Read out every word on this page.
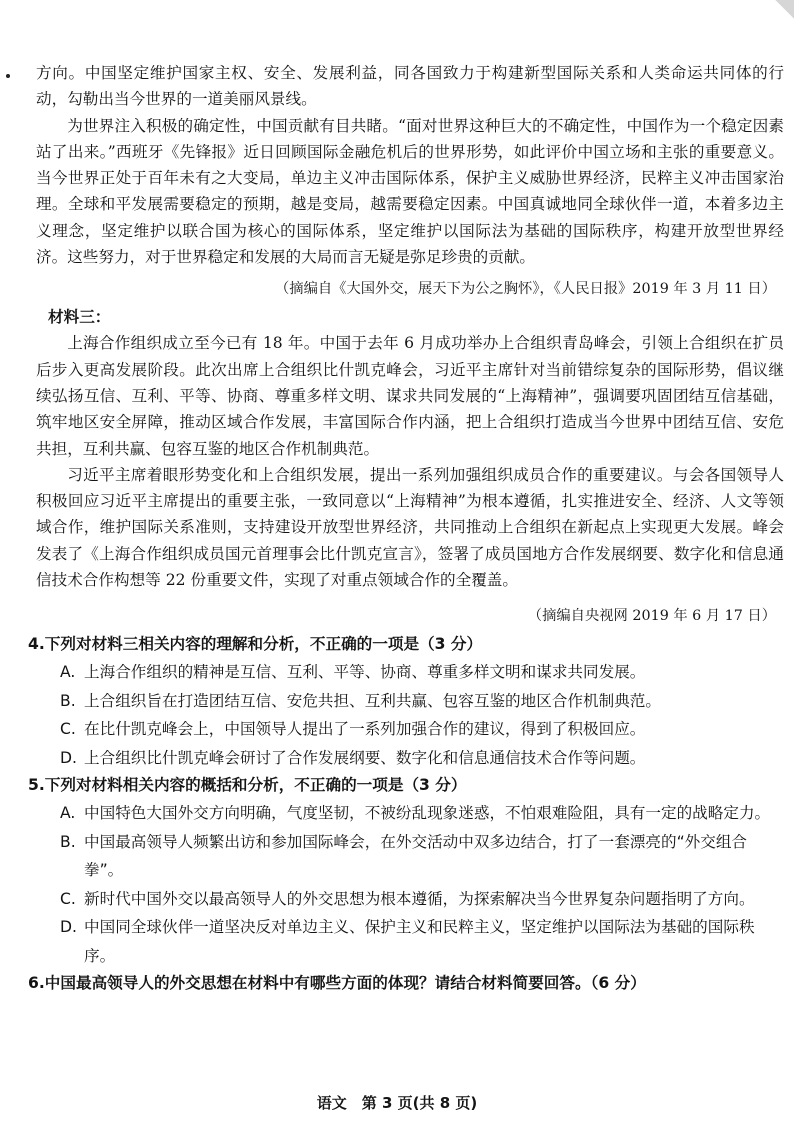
方向。中国坚定维护国家主权、安全、发展利益，同各国致力于构建新型国际关系和人类命运共同体的行动，勾勒出当今世界的一道美丽风景线。

为世界注入积极的确定性，中国贡献有目共睹。“面对世界这种巨大的不确定性，中国作为一个稳定因素站了出来。”西班牙《先锋报》近日回顾国际金融危机后的世界形势，如此评价中国立场和主张的重要意义。当今世界正处于百年未有之大变局，单边主义冲击国际体系，保护主义威胁世界经济，民粹主义冲击国家治理。全球和平发展需要稳定的预期，越是变局，越需要稳定因素。中国真诚地同全球伙伴一道，本着多边主义理念，坚定维护以联合国为核心的国际体系，坚定维护以国际法为基础的国际秩序，构建开放型世界经济。这些努力，对于世界稳定和发展的大局而言无疑是弥足珍贵的贡献。

（摘编自《大国外交，展天下为公之胸怀》，《人民日报》2019 年 3 月 11 日）

材料三：

上海合作组织成立至今已有 18 年。中国于去年 6 月成功举办上合组织青岛峰会，引领上合组织在扩员后步入更高发展阶段。此次出席上合组织比什凯克峰会，习近平主席针对当前错综复杂的国际形势，倡议继续弘扬互信、互利、平等、协商、尊重多样文明、谋求共同发展的“上海精神”，强调要巩固团结互信基础，筑牢地区安全屏障，推动区域合作发展，丰富国际合作内涵，把上合组织打造成当今世界中团结互信、安危共担，互利共赢、包容互鉴的地区合作机制典范。

习近平主席着眼形势变化和上合组织发展，提出一系列加强组织成员合作的重要建议。与会各国领导人积极回应习近平主席提出的重要主张，一致同意以“上海精神”为根本遵循，扎实推进安全、经济、人文等领域合作，维护国际关系准则，支持建设开放型世界经济，共同推动上合组织在新起点上实现更大发展。峰会发表了《上海合作组织成员国元首理事会比什凯克宣言》，签署了成员国地方合作发展纲要、数字化和信息通信技术合作构想等 22 份重要文件，实现了对重点领域合作的全覆盖。

（摘编自央视网 2019 年 6 月 17 日）

4.下列对材料三相关内容的理解和分析，不正确的一项是（3 分）
A. 上海合作组织的精神是互信、互利、平等、协商、尊重多样文明和谋求共同发展。
B. 上合组织旨在打造团结互信、安危共担、互利共赢、包容互鉴的地区合作机制典范。
C. 在比什凯克峰会上，中国领导人提出了一系列加强合作的建议，得到了积极回应。
D. 上合组织比什凯克峰会研讨了合作发展纲要、数字化和信息通信技术合作等问题。
5.下列对材料相关内容的概括和分析，不正确的一项是（3 分）
A. 中国特色大国外交方向明确，气度坚韧，不被纷乱现象迷惑，不怕艰难险阻，具有一定的战略定力。
B. 中国最高领导人频繁出访和参加国际峰会，在外交活动中双多边结合，打了一套漂亮的“外交组合拳”。
C. 新时代中国外交以最高领导人的外交思想为根本遵循，为探索解决当今世界复杂问题指明了方向。
D. 中国同全球伙伴一道坚决反对单边主义、保护主义和民粹主义，坚定维护以国际法为基础的国际秩序。
6.中国最高领导人的外交思想在材料中有哪些方面的体现？请结合材料简要回答。（6 分）
语文　第 3 页(共 8 页)
